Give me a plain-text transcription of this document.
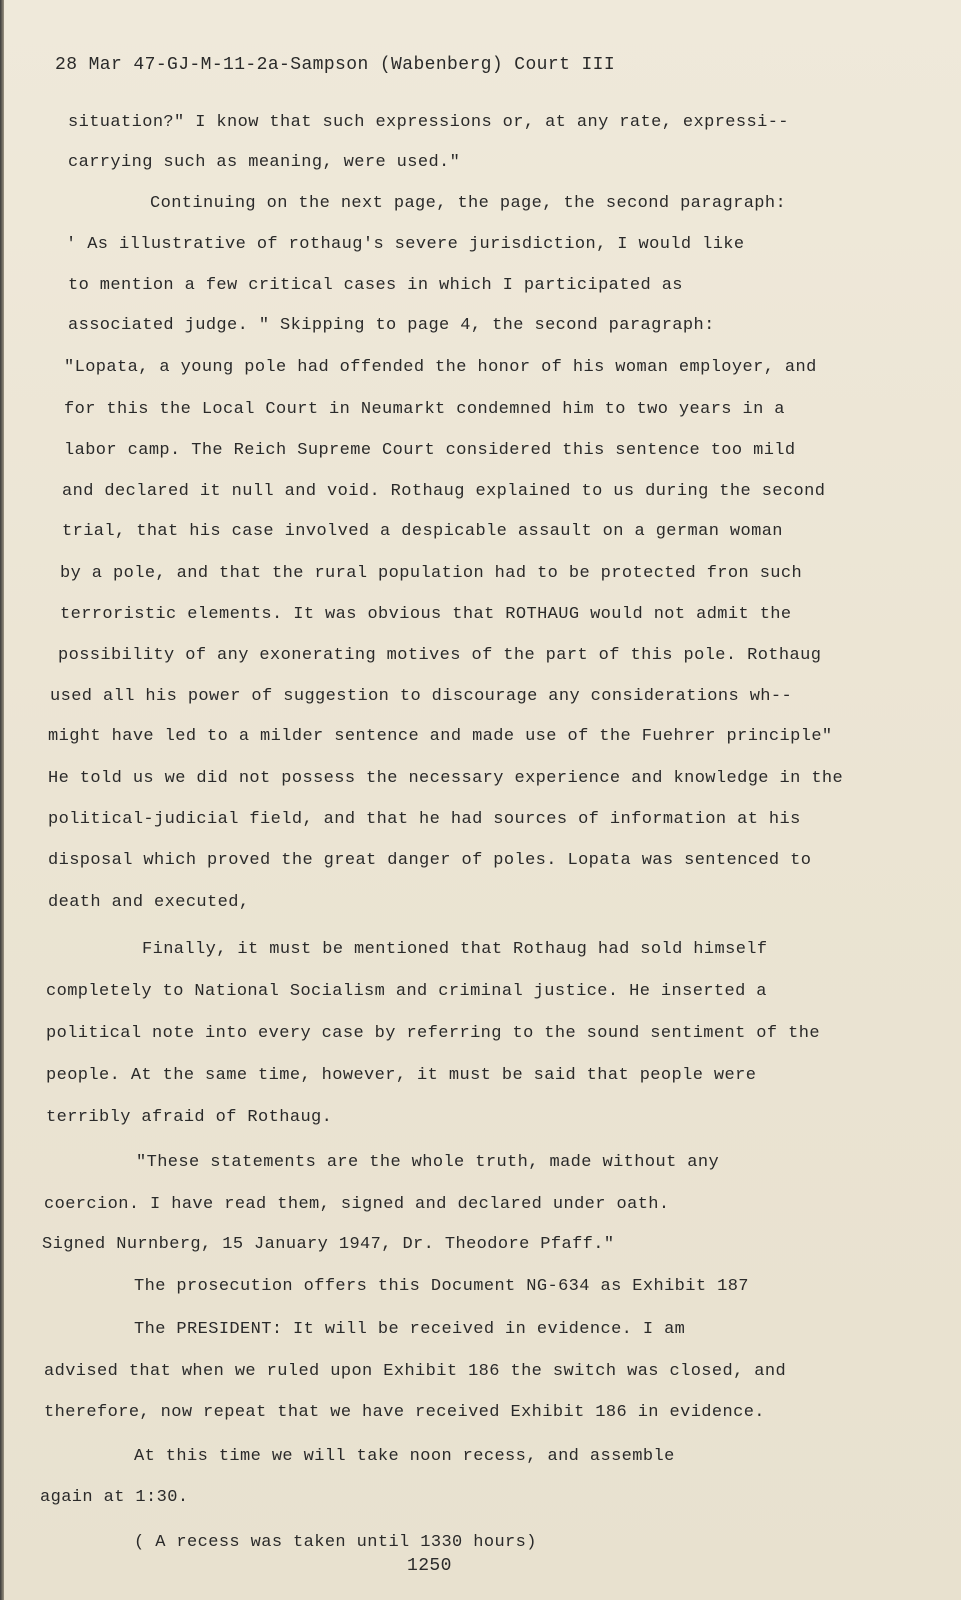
28 Mar 47-GJ-M-11-2a-Sampson (Wabenberg) Court III
situation?" I know that such expressions or, at any rate, expressi--
carrying such as meaning, were used."
Continuing on the next page, the page, the second paragraph:
' As illustrative of rothaug's severe jurisdiction, I would like
to mention a few critical cases in which I participated as
associated judge. " Skipping to page 4, the second paragraph:
"Lopata, a young pole had offended the honor of his woman employer, and
for this the Local Court in Neumarkt condemned him to two years in a
labor camp. The Reich Supreme Court considered this sentence too mild
and declared it null and void. Rothaug explained to us during the second
trial, that his case involved a despicable assault on a german woman
by a pole, and that the rural population had to be protected fron such
terroristic elements. It was obvious that ROTHAUG would not admit the
possibility of any exonerating motives of the part of this pole. Rothaug
used all his power of suggestion to discourage any considerations wh--
might have led to a milder sentence and made use of the Fuehrer principle"
He told us we did not possess the necessary experience and knowledge in the
political-judicial field, and that he had sources of information at his
disposal which proved the great danger of poles. Lopata was sentenced to
death and executed,
Finally, it must be mentioned that Rothaug had sold himself
completely to National Socialism and criminal justice. He inserted a
political note into every case by referring to the sound sentiment of the
people. At the same time, however, it must be said that people were
terribly afraid of Rothaug.
"These statements are the whole truth, made without any
coercion. I have read them, signed and declared under oath.
Signed Nurnberg, 15 January 1947, Dr. Theodore Pfaff."
The prosecution offers this Document NG-634 as Exhibit 187
The PRESIDENT: It will be received in evidence. I am
advised that when we ruled upon Exhibit 186 the switch was closed, and
therefore, now repeat that we have received Exhibit 186 in evidence.
At this time we will take noon recess, and assemble
again at 1:30.
( A recess was taken until 1330 hours)
1250
